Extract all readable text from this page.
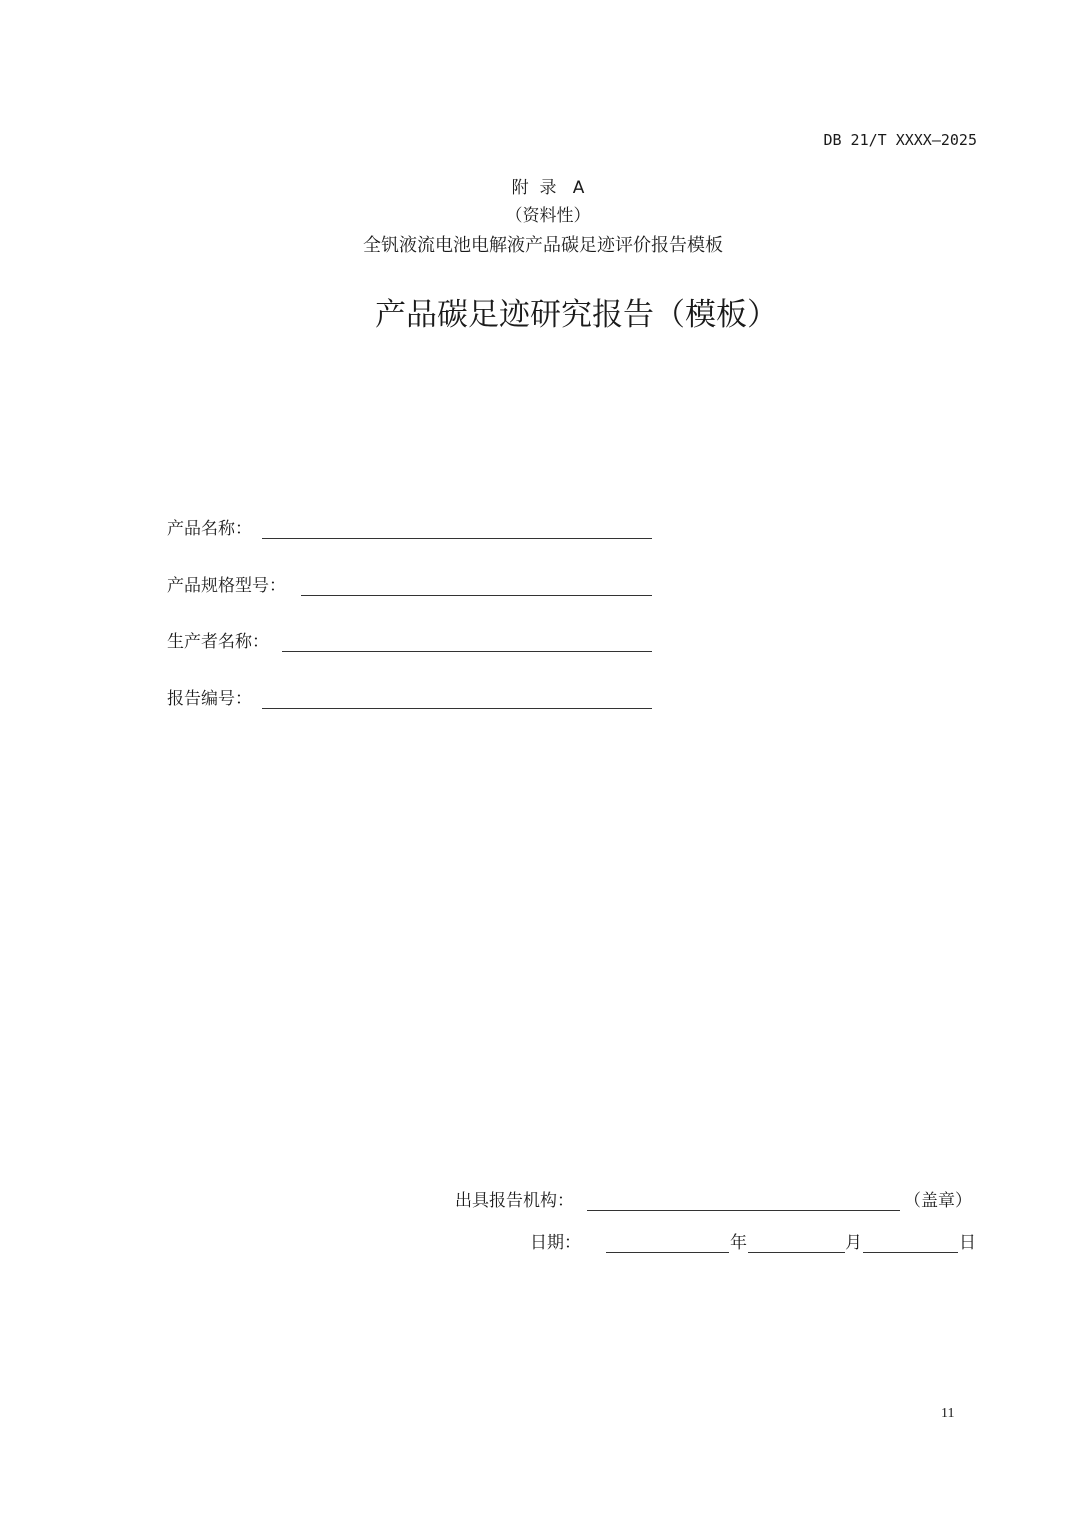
DB 21/T XXXX—2025
附  录   A
（资料性）
全钒液流电池电解液产品碳足迹评价报告模板
产品碳足迹研究报告（模板）
产品名称：
产品规格型号：
生产者名称：
报告编号：
出具报告机构：	（盖章）
日期：	年	月	日
11
